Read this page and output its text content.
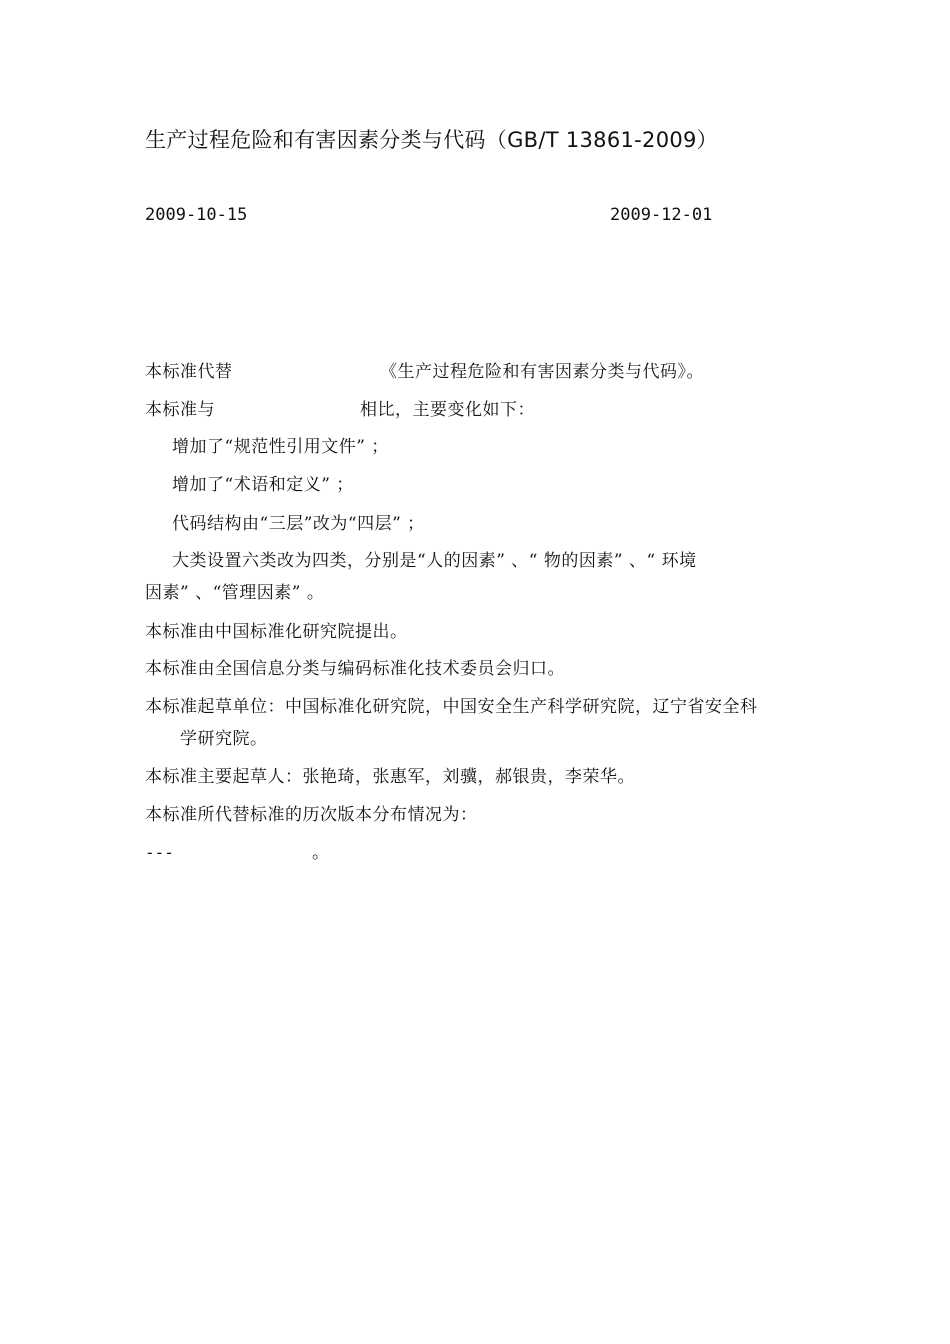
生产过程危险和有害因素分类与代码（GB/T 13861-2009）
2009-10-15	2009-12-01
本标准代替	《生产过程危险和有害因素分类与代码》。
本标准与	相比，主要变化如下：
增加了“规范性引用文件” ；
增加了“术语和定义” ；
代码结构由“三层”改为“四层” ；
大类设置六类改为四类，分别是“人的因素” 、“ 物的因素” 、“ 环境
因素” 、“管理因素” 。
本标准由中国标准化研究院提出。
本标准由全国信息分类与编码标准化技术委员会归口。
本标准起草单位：中国标准化研究院，中国安全生产科学研究院，辽宁省安全科
学研究院。
本标准主要起草人：张艳琦，张惠军，刘骥，郝银贵，李荣华。
本标准所代替标准的历次版本分布情况为：
---	。
